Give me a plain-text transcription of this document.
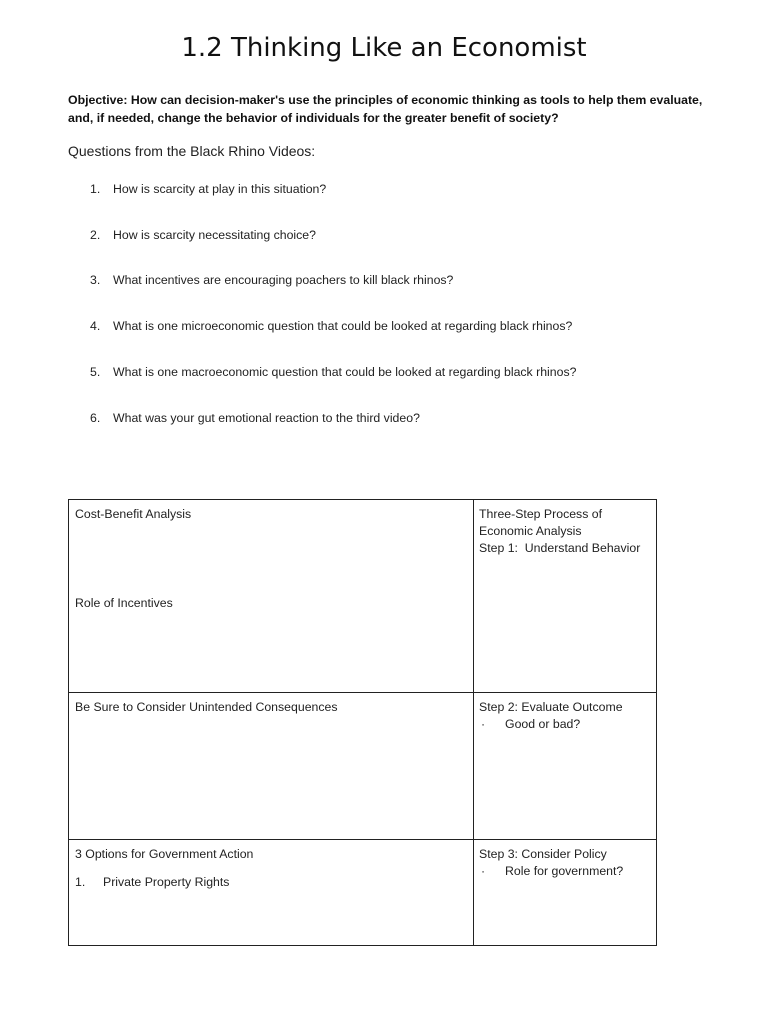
1.2 Thinking Like an Economist
Objective: How can decision-maker's use the principles of economic thinking as tools to help them evaluate, and, if needed, change the behavior of individuals for the greater benefit of society?
Questions from the Black Rhino Videos:
1. How is scarcity at play in this situation?
2. How is scarcity necessitating choice?
3. What incentives are encouraging poachers to kill black rhinos?
4. What is one microeconomic question that could be looked at regarding black rhinos?
5. What is one macroeconomic question that could be looked at regarding black rhinos?
6. What was your gut emotional reaction to the third video?
Cost-Benefit Analysis
Role of Incentives
Three-Step Process of
Economic Analysis
Step 1:  Understand Behavior
Be Sure to Consider Unintended Consequences	Step 2: Evaluate Outcome
· Good or bad?
3 Options for Government Action
1. Private Property Rights
Step 3: Consider Policy
· Role for government?
